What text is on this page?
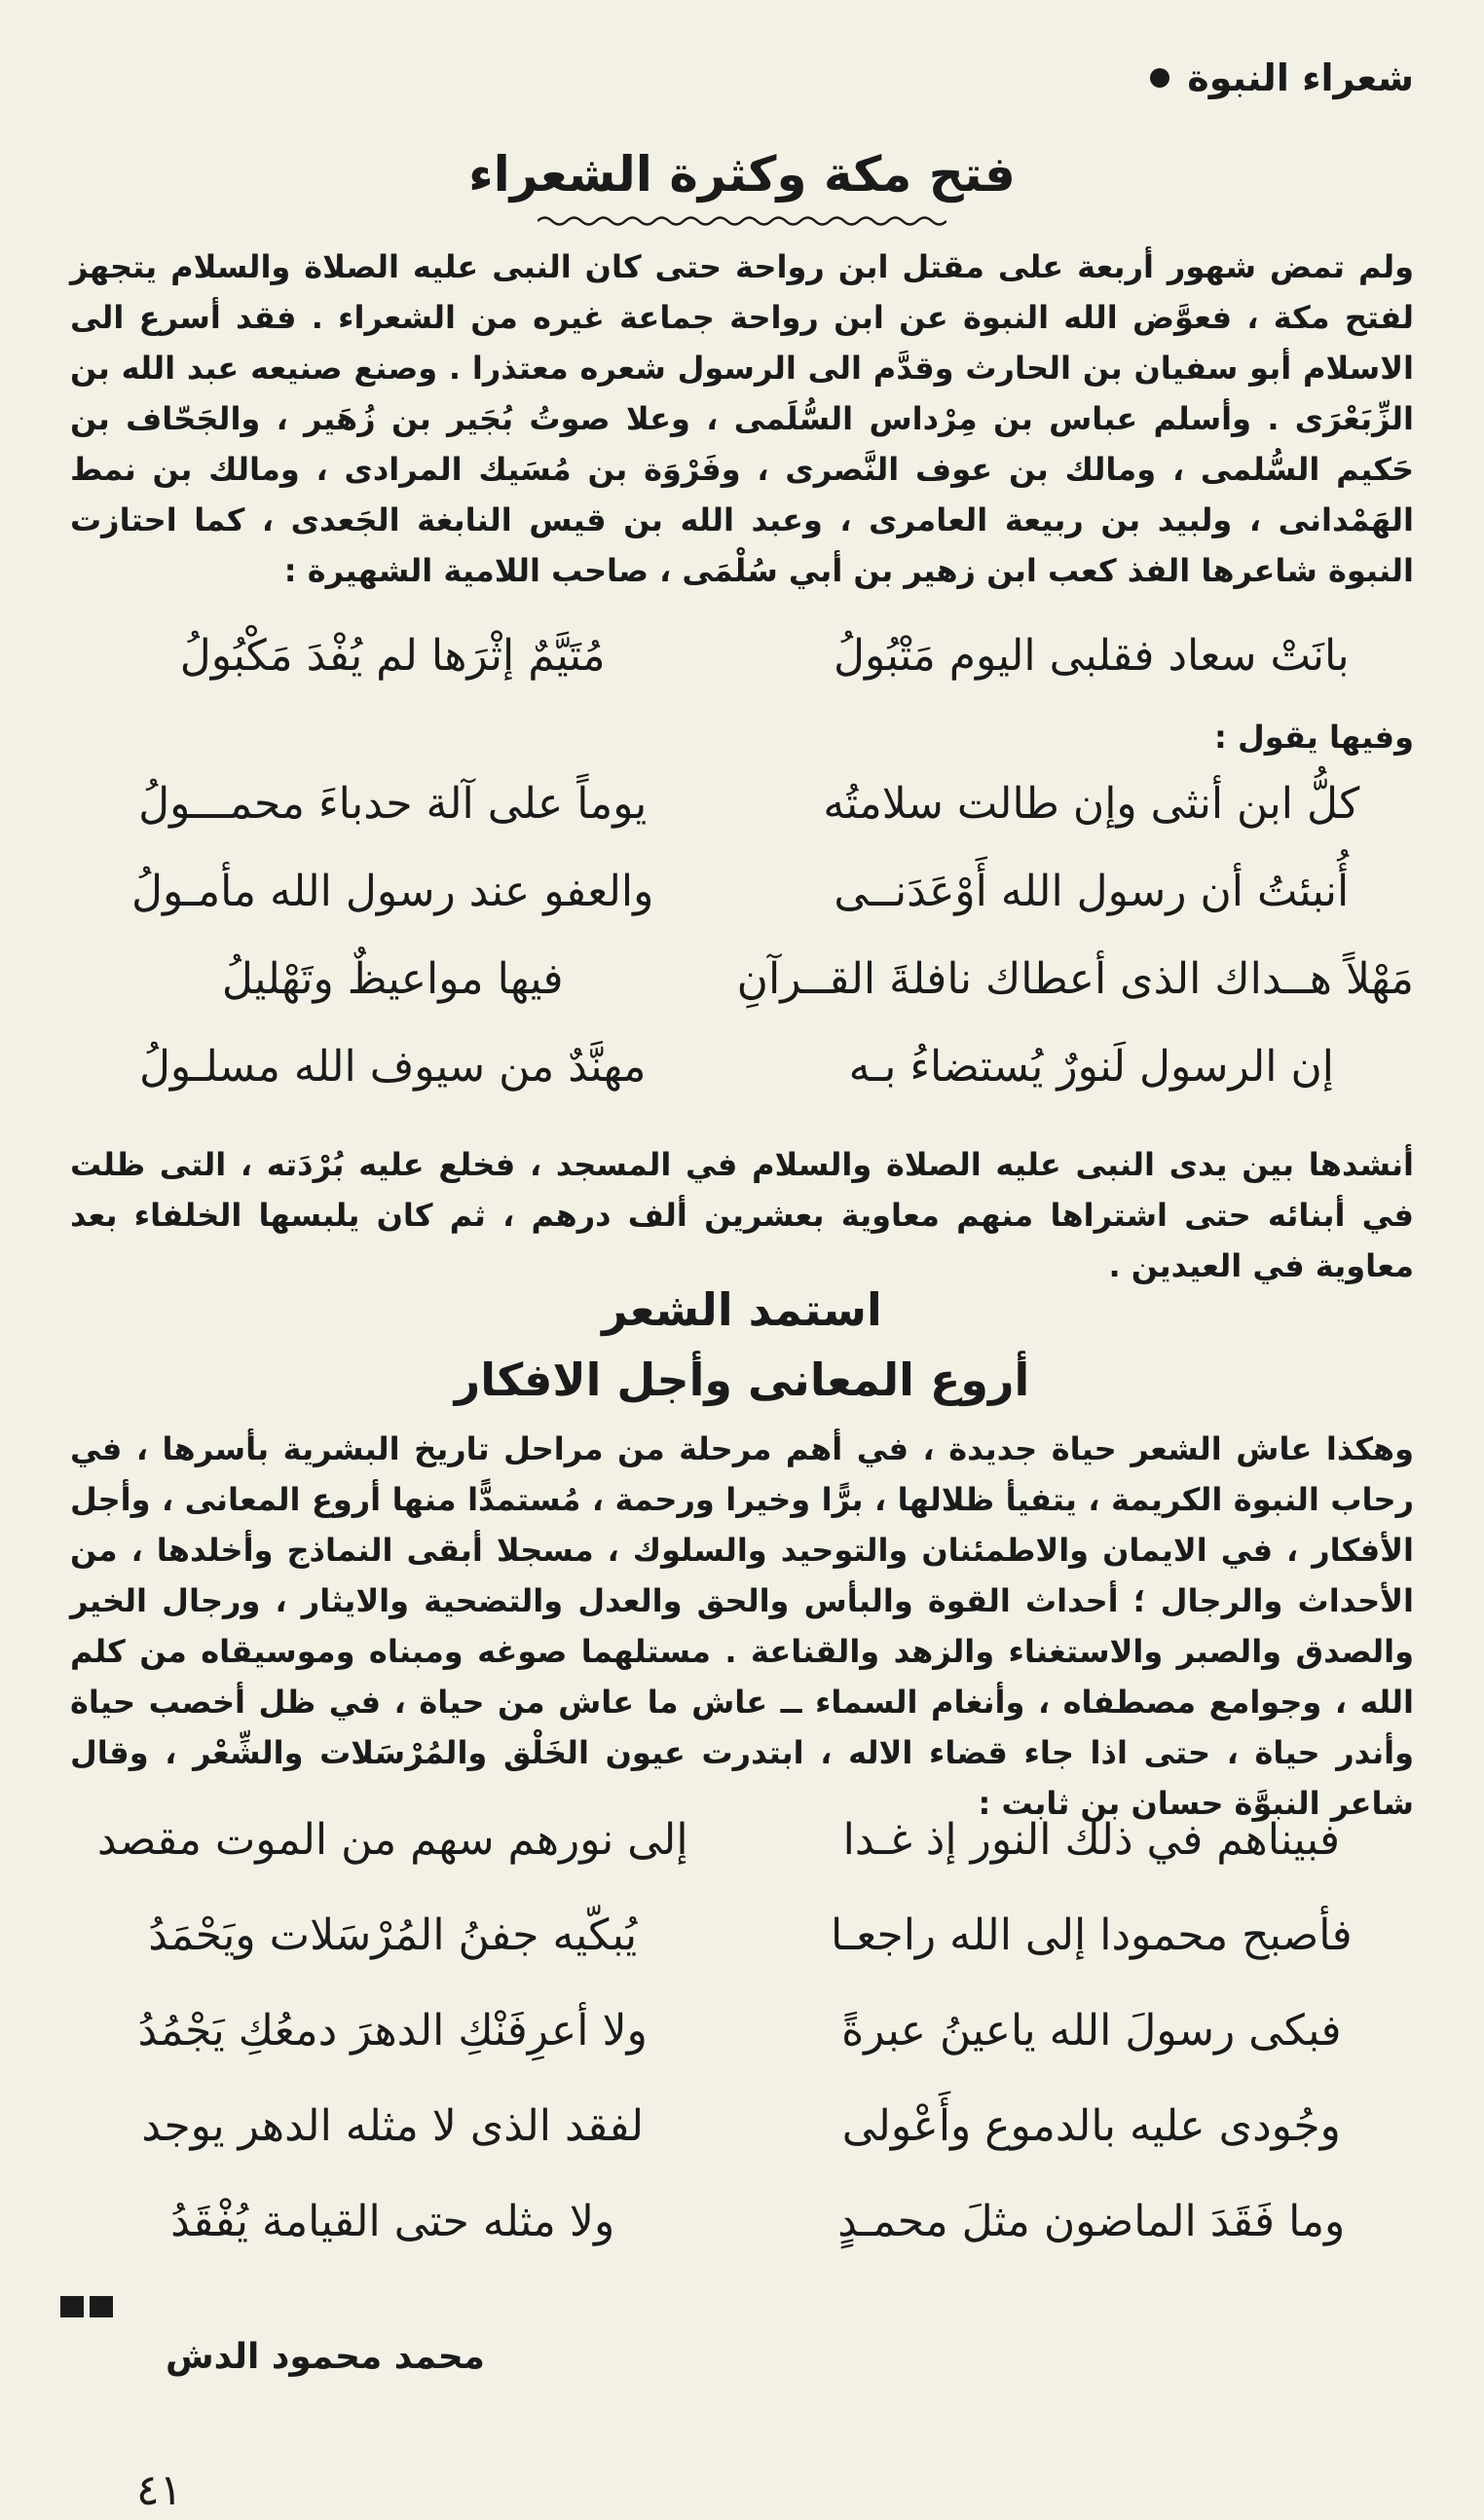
شعراء النبوة
فتح مكة وكثرة الشعراء
ولم تمض شهور أربعة على مقتل ابن رواحة حتى كان النبى عليه الصلاة والسلام يتجهز لفتح مكة ، فعوَّض الله النبوة عن ابن رواحة جماعة غيره من الشعراء . فقد أسرع الى الاسلام أبو سفيان بن الحارث وقدَّم الى الرسول شعره معتذرا . وصنع صنيعه عبد الله بن الزِّبَعْرَى . وأسلم عباس بن مِرْداس السُّلَمى ، وعلا صوتُ بُجَير بن زُهَير ، والجَحّاف بن حَكيم السُّلمى ، ومالك بن عوف النَّصرى ، وفَرْوَة بن مُسَيك المرادى ، ومالك بن نمط الهَمْدانى ، ولبيد بن ربيعة العامرى ، وعبد الله بن قيس النابغة الجَعدى ، كما احتازت النبوة شاعرها الفذ كعب ابن زهير بن أبي سُلْمَى ، صاحب اللامية الشهيرة :
بانَتْ سعاد فقلبى اليوم مَتْبُولُ
مُتَيَّمٌ إثْرَها لم يُفْدَ مَكْبُولُ
وفيها يقول :
كلُّ ابن أنثى وإن طالت سلامتُه
يوماً على آلة حدباءَ محمـــولُ
أُنبئتُ أن رسول الله أَوْعَدَنــى
والعفو عند رسول الله مأمـولُ
مَهْلاً هــداك الذى أعطاك نافلةَ القــرآنِ
فيها مواعيظٌ وتَهْليلُ
إن الرسول لَنورٌ يُستضاءُ بـه
مهنَّدٌ من سيوف الله مسلـولُ
أنشدها بين يدى النبى عليه الصلاة والسلام في المسجد ، فخلع عليه بُرْدَته ، التى ظلت في أبنائه حتى اشتراها منهم معاوية بعشرين ألف درهم ، ثم كان يلبسها الخلفاء بعد معاوية في العيدين .
استمد الشعر
أروع المعانى وأجل الافكار
وهكذا عاش الشعر حياة جديدة ، في أهم مرحلة من مراحل تاريخ البشرية بأسرها ، في رحاب النبوة الكريمة ، يتفيأ ظلالها ، برًّا وخيرا ورحمة ، مُستمدًّا منها أروع المعانى ، وأجل الأفكار ، في الايمان والاطمئنان والتوحيد والسلوك ، مسجلا أبقى النماذج وأخلدها ، من الأحداث والرجال ؛ أحداث القوة والبأس والحق والعدل والتضحية والايثار ، ورجال الخير والصدق والصبر والاستغناء والزهد والقناعة . مستلهما صوغه ومبناه وموسيقاه من كلم الله ، وجوامع مصطفاه ، وأنغام السماء ــ عاش ما عاش من حياة ، في ظل أخصب حياة وأندر حياة ، حتى اذا جاء قضاء الاله ، ابتدرت عيون الخَلْق والمُرْسَلات والشِّعْر ، وقال شاعر النبوَّة حسان بن ثابت :
فبيناهم في ذلك النور إذ غـدا
إلى نورهم سهم من الموت مقصد
فأصبح محمودا إلى الله راجعـا
يُبكّيه جفنُ المُرْسَلات ويَحْمَدُ
فبكى رسولَ الله ياعينُ عبرةً
ولا أعرِفَنْكِ الدهرَ دمعُكِ يَجْمُدُ
وجُودى عليه بالدموع وأَعْولى
لفقد الذى لا مثله الدهر يوجد
وما فَقَدَ الماضون مثلَ محمـدٍ
ولا مثله حتى القيامة يُفْقَدُ
محمد محمود الدش
٤١
